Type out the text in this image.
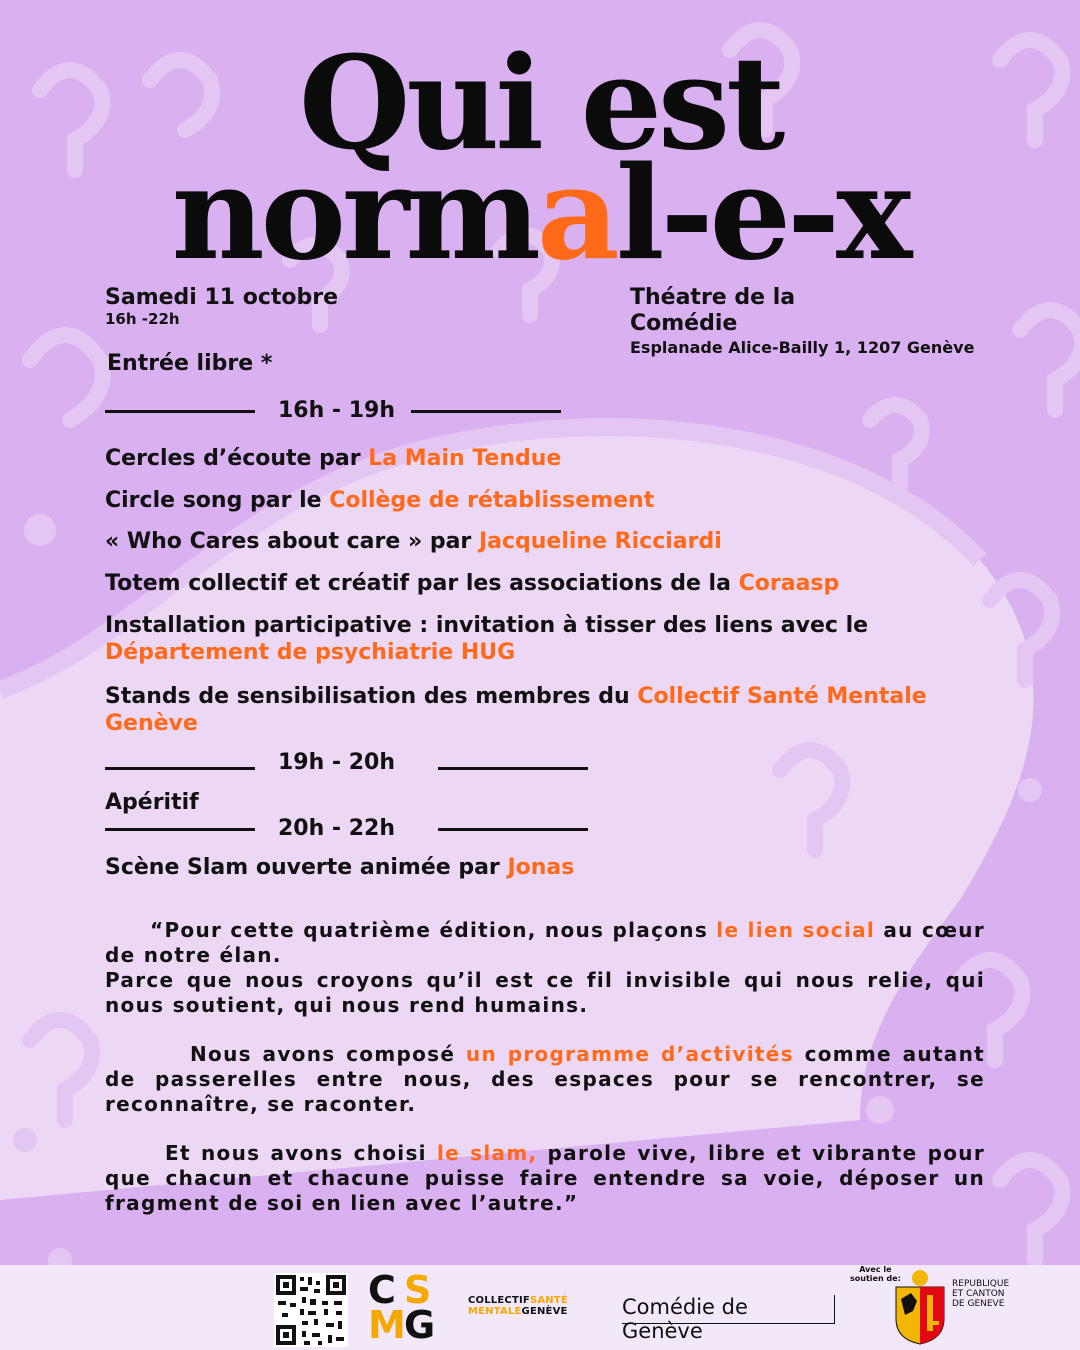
Qui est
normal-e-x
Samedi 11 octobre
16h -22h
Entrée libre *
Théatre de la
Comédie
Esplanade Alice-Bailly 1, 1207 Genève
16h - 19h
Cercles d’écoute par La Main Tendue
Circle song par le Collège de rétablissement
« Who Cares about care » par Jacqueline Ricciardi
Totem collectif et créatif par les associations de la Coraasp
Installation participative : invitation à tisser des liens avec le Département de psychiatrie HUG
Stands de sensibilisation des membres du Collectif Santé Mentale Genève
19h - 20h
Apéritif
20h - 22h
Scène Slam ouverte animée par Jonas
“Pour cette quatrième édition, nous plaçons le lien social au cœur de notre élan.
Parce que nous croyons qu’il est ce fil invisible qui nous relie, qui nous soutient, qui nous rend humains.
Nous avons composé un programme d’activités comme autant de passerelles entre nous, des espaces pour se rencontrer, se reconnaître, se raconter.
Et nous avons choisi le slam, parole vive, libre et vibrante pour que chacun et chacune puisse faire entendre sa voie, déposer un fragment de soi en lien avec l’autre.”
C S
M
G
COLLECTIFSANTÉ
MENTALEGENÈVE	Comédie de Genève
Avec le
soutien de:
REPUBLIQUE
ET CANTON
DE GENEVE
